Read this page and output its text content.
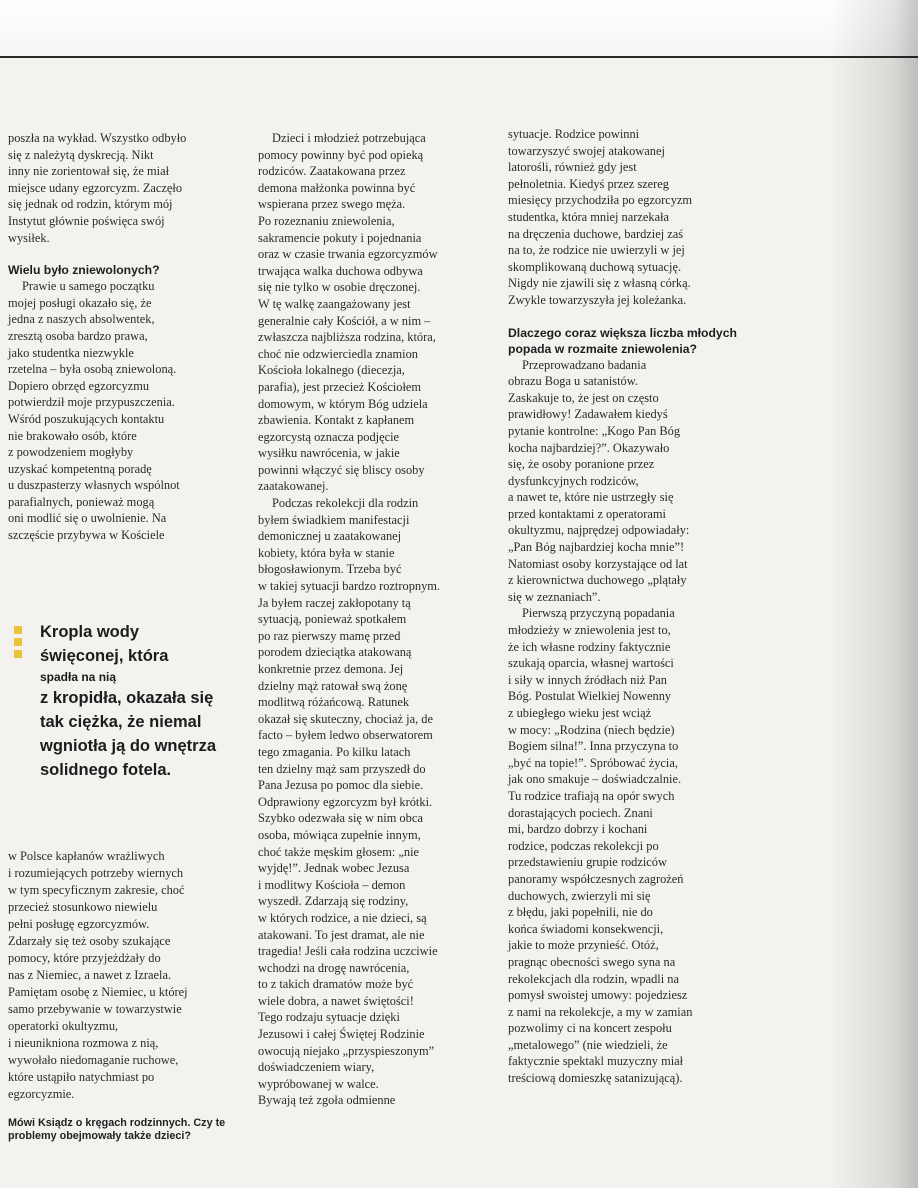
poszła na wykład. Wszystko odbyło
się z należytą dyskrecją. Nikt
inny nie zorientował się, że miał
miejsce udany egzorcyzm. Zaczęło
się jednak od rodzin, którym mój
Instytut głównie poświęca swój
wysiłek.

Wielu było zniewolonych?

Prawie u samego początku
mojej posługi okazało się, że
jedna z naszych absolwentek,
zresztą osoba bardzo prawa,
jako studentka niezwykle
rzetelna – była osobą zniewoloną.
Dopiero obrzęd egzorcyzmu
potwierdził moje przypuszczenia.
Wśród poszukujących kontaktu
nie brakowało osób, które
z powodzeniem mogłyby
uzyskać kompetentną poradę
u duszpasterzy własnych wspólnot
parafialnych, ponieważ mogą
oni modlić się o uwolnienie. Na
szczęście przybywa w Kościele
Kropla wody
święconej, która
spadła na nią
z kropidła, okazała się
tak ciężka, że niemal
wgniotła ją do wnętrza
solidnego fotela.
w Polsce kapłanów wrażliwych
i rozumiejących potrzeby wiernych
w tym specyficznym zakresie, choć
przecież stosunkowo niewielu
pełni posługę egzorcyzmów.
Zdarzały się też osoby szukające
pomocy, które przyjeżdżały do
nas z Niemiec, a nawet z Izraela.
Pamiętam osobę z Niemiec, u której
samo przebywanie w towarzystwie
operatorki okultyzmu,
i nieunikniona rozmowa z nią,
wywołało niedomaganie ruchowe,
które ustąpiło natychmiast po
egzorcyzmie.

Mówi Ksiądz o kręgach rodzinnych. Czy te problemy obejmowały także dzieci?

Dzieci i młodzież potrzebująca
pomocy powinny być pod opieką
rodziców. Zaatakowana przez
demona małżonka powinna być
wspierana przez swego męża.
Po rozeznaniu zniewolenia,
sakramencie pokuty i pojednania
oraz w czasie trwania egzorcyzmów
trwająca walka duchowa odbywa
się nie tylko w osobie dręczonej.
W tę walkę zaangażowany jest
generalnie cały Kościół, a w nim –
zwłaszcza najbliższa rodzina, która,
choć nie odzwierciedla znamion
Kościoła lokalnego (diecezja,
parafia), jest przecież Kościołem
domowym, w którym Bóg udziela
zbawienia. Kontakt z kapłanem
egzorcystą oznacza podjęcie
wysiłku nawrócenia, w jakie
powinni włączyć się bliscy osoby
zaatakowanej.
Podczas rekolekcji dla rodzin
byłem świadkiem manifestacji
demonicznej u zaatakowanej
kobiety, która była w stanie
błogosławionym. Trzeba być
w takiej sytuacji bardzo roztropnym.
Ja byłem raczej zakłopotany tą
sytuacją, ponieważ spotkałem
po raz pierwszy mamę przed
porodem dzieciątka atakowaną
konkretnie przez demona. Jej
dzielny mąż ratował swą żonę
modlitwą różańcową. Ratunek
okazał się skuteczny, chociaż ja, de
facto – byłem ledwo obserwatorem
tego zmagania. Po kilku latach
ten dzielny mąż sam przyszedł do
Pana Jezusa po pomoc dla siebie.
Odprawiony egzorcyzm był krótki.
Szybko odezwała się w nim obca
osoba, mówiąca zupełnie innym,
choć także męskim głosem: „nie
wyjdę!”. Jednak wobec Jezusa
i modlitwy Kościoła – demon
wyszedł. Zdarzają się rodziny,
w których rodzice, a nie dzieci, są
atakowani. To jest dramat, ale nie
tragedia! Jeśli cała rodzina uczciwie
wchodzi na drogę nawrócenia,
to z takich dramatów może być
wiele dobra, a nawet świętości!
Tego rodzaju sytuacje dzięki
Jezusowi i całej Świętej Rodzinie
owocują niejako „przyspieszonym”
doświadczeniem wiary,
wypróbowanej w walce.
Bywają też zgoła odmienne
sytuacje. Rodzice powinni
towarzyszyć swojej atakowanej
latorośli, również gdy jest
pełnoletnia. Kiedyś przez szereg
miesięcy przychodziła po egzorcyzm
studentka, która mniej narzekała
na dręczenia duchowe, bardziej zaś
na to, że rodzice nie uwierzyli w jej
skomplikowaną duchową sytuację.
Nigdy nie zjawili się z własną córką.
Zwykle towarzyszyła jej koleżanka.

Dlaczego coraz większa liczba młodych popada w rozmaite zniewolenia?

Przeprowadzano badania
obrazu Boga u satanistów.
Zaskakuje to, że jest on często
prawidłowy! Zadawałem kiedyś
pytanie kontrolne: „Kogo Pan Bóg
kocha najbardziej?”. Okazywało
się, że osoby poranione przez
dysfunkcyjnych rodziców,
a nawet te, które nie ustrzegły się
przed kontaktami z operatorami
okultyzmu, najprędzej odpowiadały:
„Pan Bóg najbardziej kocha mnie”!
Natomiast osoby korzystające od lat
z kierownictwa duchowego „plątały
się w zeznaniach”.
Pierwszą przyczyną popadania
młodzieży w zniewolenia jest to,
że ich własne rodziny faktycznie
szukają oparcia, własnej wartości
i siły w innych źródłach niż Pan
Bóg. Postulat Wielkiej Nowenny
z ubiegłego wieku jest wciąż
w mocy: „Rodzina (niech będzie)
Bogiem silna!”. Inna przyczyna to
„być na topie!”. Spróbować życia,
jak ono smakuje – doświadczalnie.
Tu rodzice trafiają na opór swych
dorastających pociech. Znani
mi, bardzo dobrzy i kochani
rodzice, podczas rekolekcji po
przedstawieniu grupie rodziców
panoramy współczesnych zagrożeń
duchowych, zwierzyli mi się
z błędu, jaki popełnili, nie do
końca świadomi konsekwencji,
jakie to może przynieść. Otóż,
pragnąc obecności swego syna na
rekolekcjach dla rodzin, wpadli na
pomysł swoistej umowy: pojedziesz
z nami na rekolekcje, a my w zamian
pozwolimy ci na koncert zespołu
„metalowego” (nie wiedzieli, że
faktycznie spektakl muzyczny miał
treściową domieszkę satanizującą).
